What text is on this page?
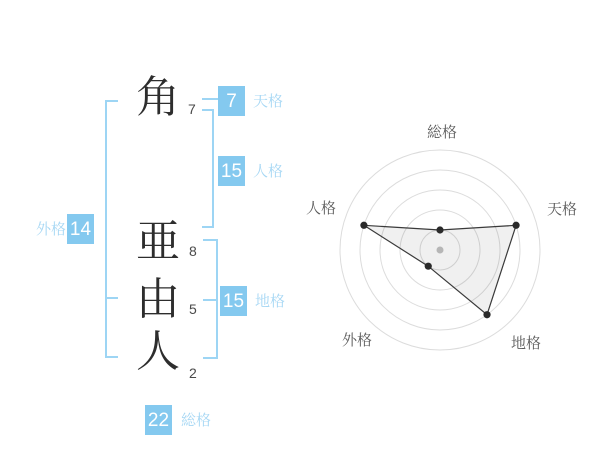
角
亜
由
人
7
8
5
2
7 天格
15 人格
外格 14
15 地格
22 総格
総格
天格
地格
外格
人格
